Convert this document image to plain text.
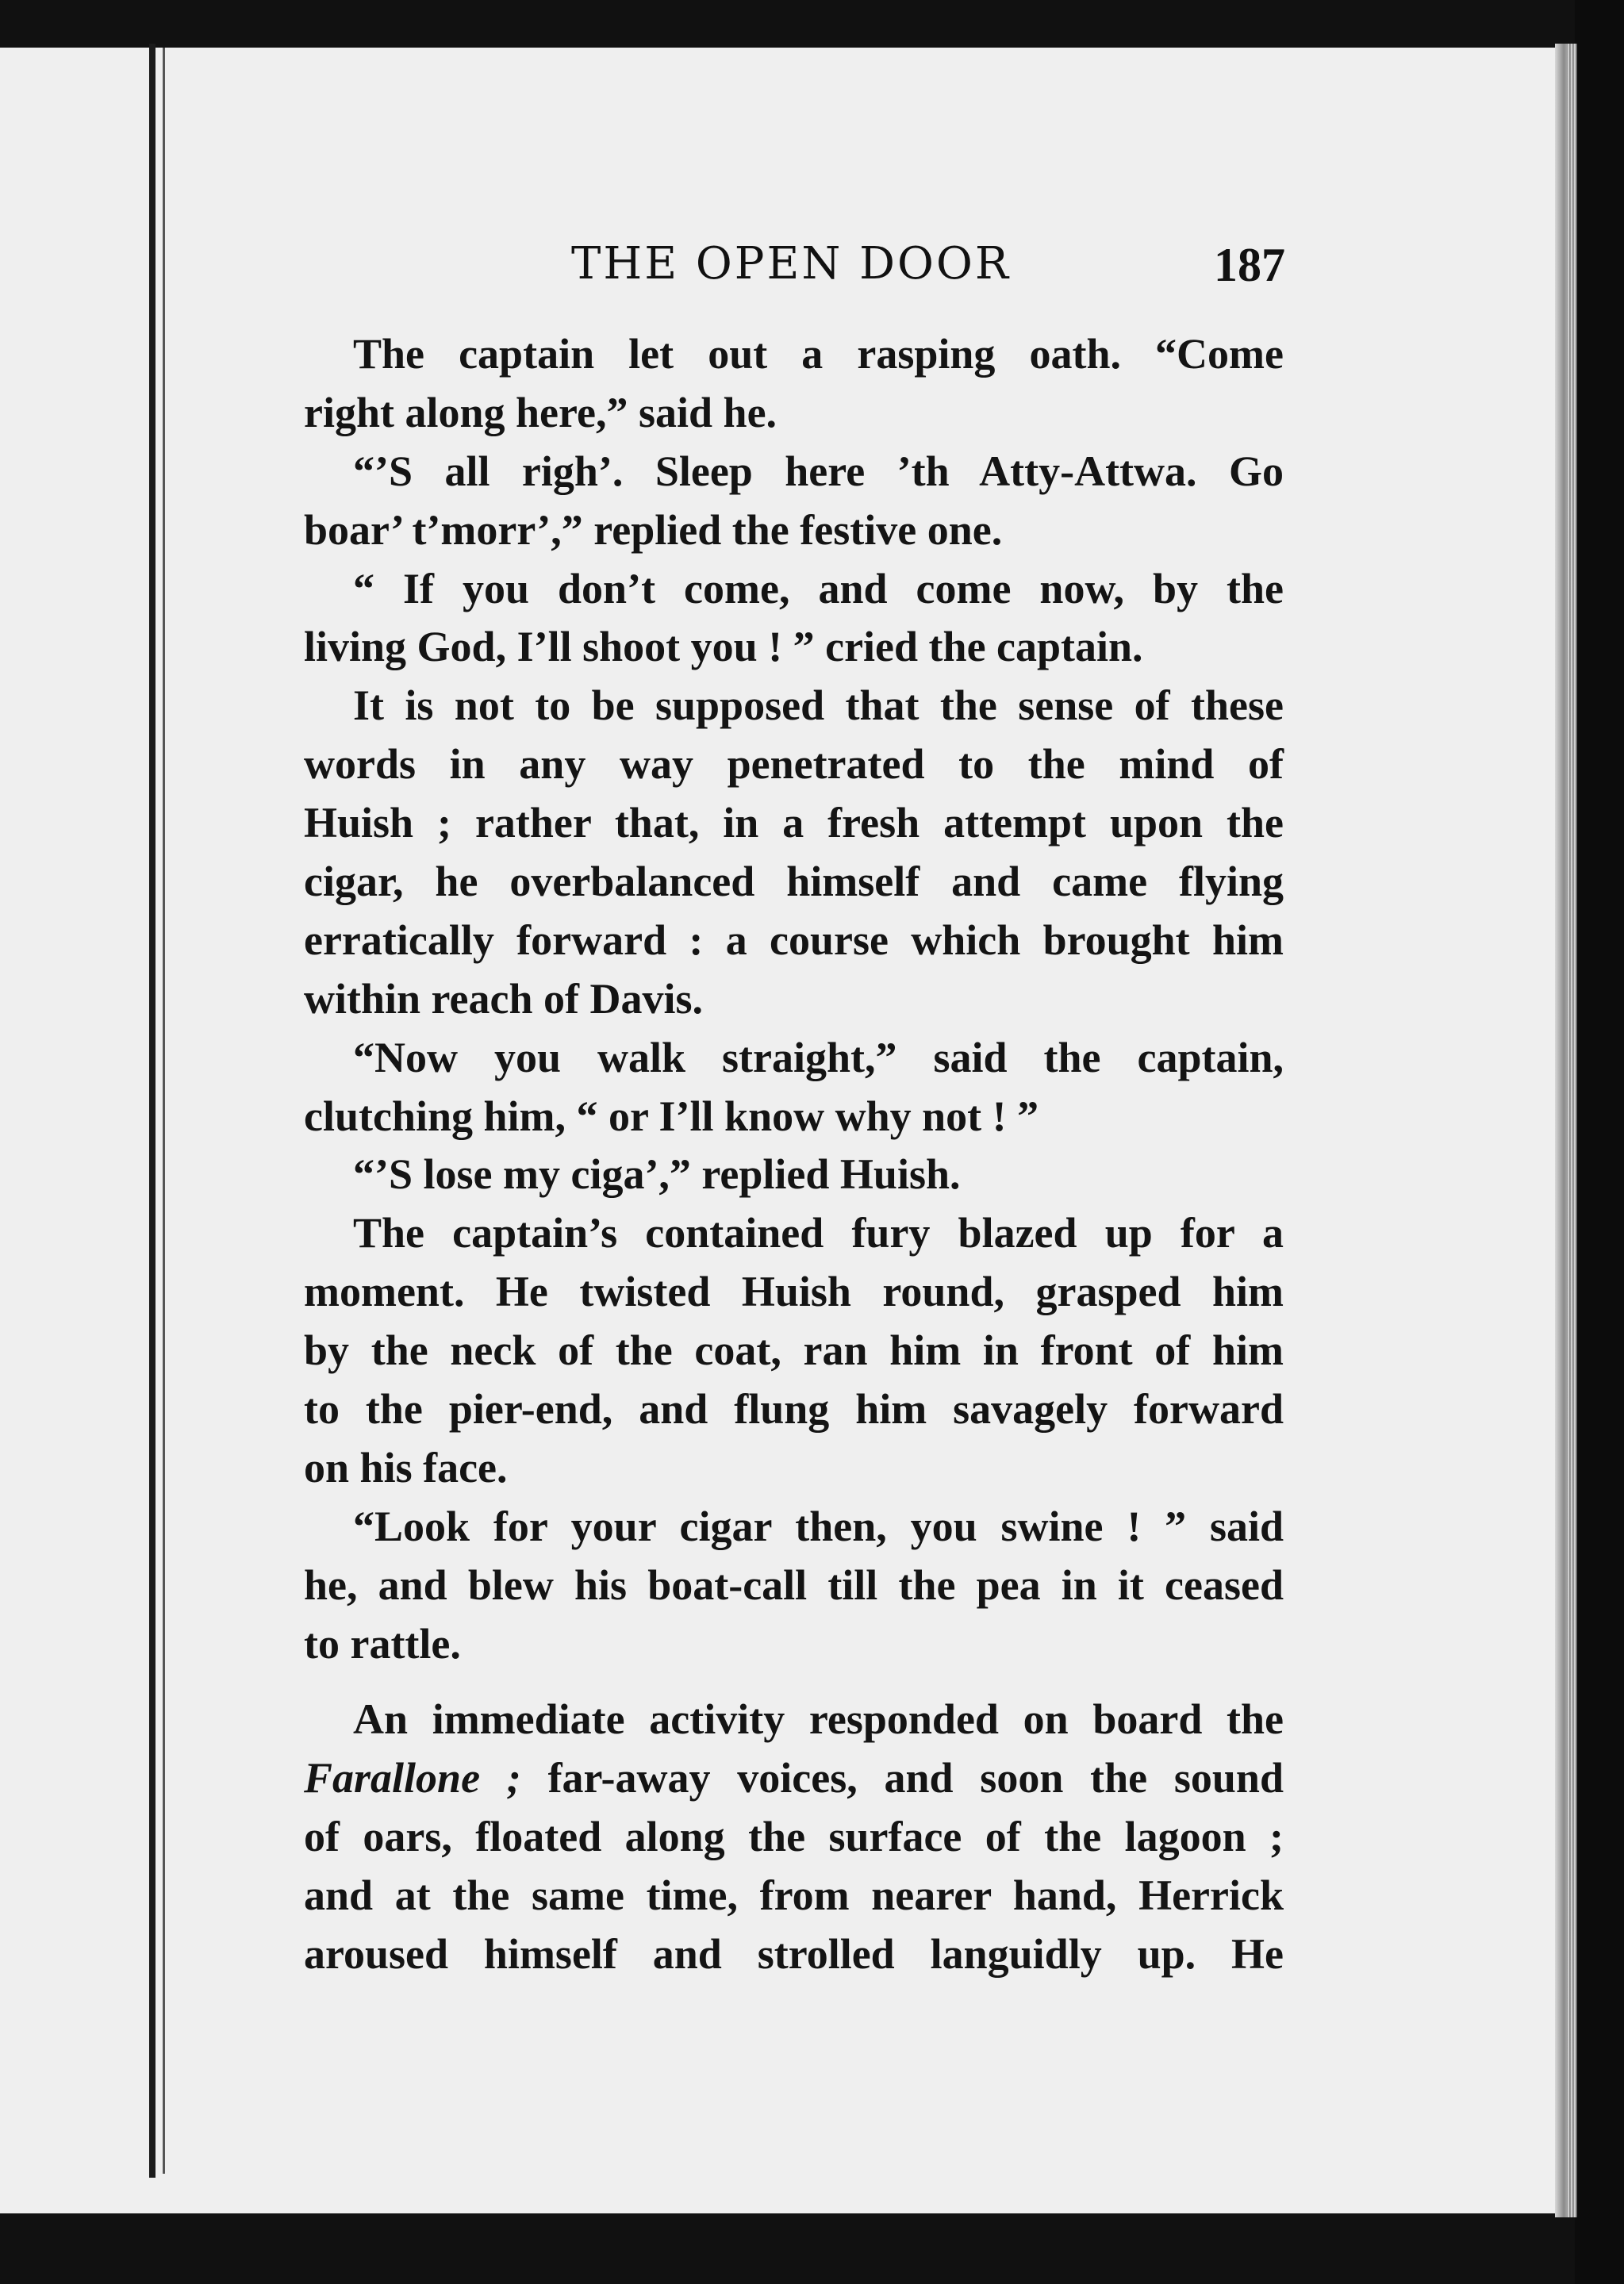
THE OPEN DOOR	187
The captain let out a rasping oath. “Come
right along here,” said he.
“’S all righ’. Sleep here ’th Atty-Attwa. Go
boar’ t’morr’,” replied the festive one.
“ If you don’t come, and come now, by the
living God, I’ll shoot you ! ” cried the captain.
It is not to be supposed that the sense of these
words in any way penetrated to the mind of
Huish ; rather that, in a fresh attempt upon the
cigar, he overbalanced himself and came flying
erratically forward : a course which brought him
within reach of Davis.
“Now you walk straight,” said the captain,
clutching him, “ or I’ll know why not ! ”
“’S lose my ciga’,” replied Huish.
The captain’s contained fury blazed up for a
moment. He twisted Huish round, grasped him
by the neck of the coat, ran him in front of him
to the pier-end, and flung him savagely forward
on his face.
“Look for your cigar then, you swine ! ” said
he, and blew his boat-call till the pea in it ceased
to rattle.
An immediate activity responded on board the
Farallone ; far-away voices, and soon the sound
of oars, floated along the surface of the lagoon ;
and at the same time, from nearer hand, Herrick
aroused himself and strolled languidly up. He
